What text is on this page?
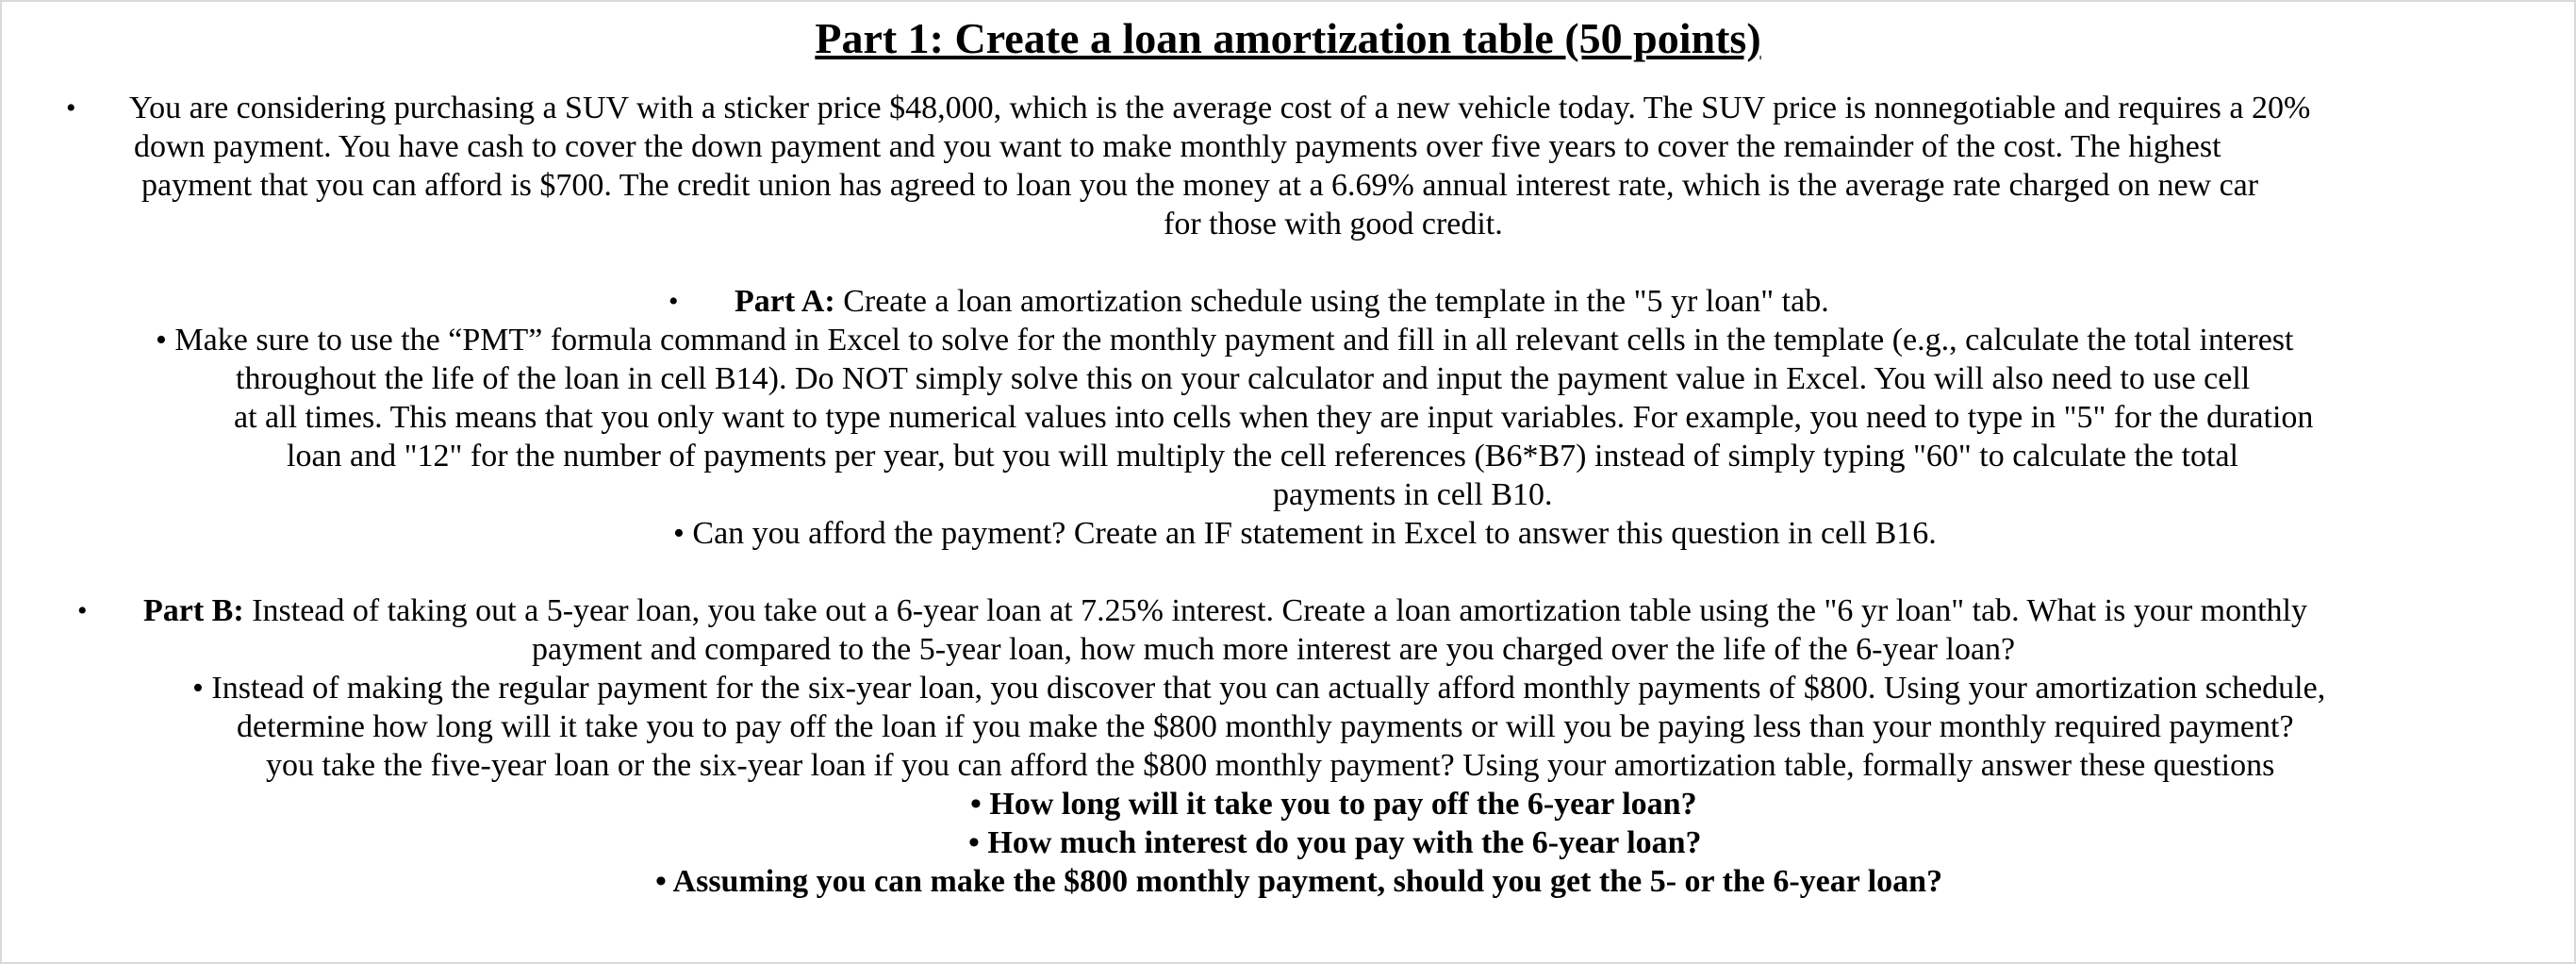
Part 1: Create a loan amortization table (50 points)
• You are considering purchasing a SUV with a sticker price $48,000, which is the average cost of a new vehicle today. The SUV price is nonnegotiable and requires a 20%
down payment. You have cash to cover the down payment and you want to make monthly payments over five years to cover the remainder of the cost. The highest
payment that you can afford is $700. The credit union has agreed to loan you the money at a 6.69% annual interest rate, which is the average rate charged on new car
for those with good credit.
• Part A: Create a loan amortization schedule using the template in the "5 yr loan" tab.
• Make sure to use the “PMT” formula command in Excel to solve for the monthly payment and fill in all relevant cells in the template (e.g., calculate the total interest
throughout the life of the loan in cell B14). Do NOT simply solve this on your calculator and input the payment value in Excel. You will also need to use cell
at all times. This means that you only want to type numerical values into cells when they are input variables. For example, you need to type in "5" for the duration
loan and "12" for the number of payments per year, but you will multiply the cell references (B6*B7) instead of simply typing "60" to calculate the total
payments in cell B10.
• Can you afford the payment? Create an IF statement in Excel to answer this question in cell B16.
• Part B: Instead of taking out a 5-year loan, you take out a 6-year loan at 7.25% interest. Create a loan amortization table using the "6 yr loan" tab. What is your monthly
payment and compared to the 5-year loan, how much more interest are you charged over the life of the 6-year loan?
• Instead of making the regular payment for the six-year loan, you discover that you can actually afford monthly payments of $800. Using your amortization schedule,
determine how long will it take you to pay off the loan if you make the $800 monthly payments or will you be paying less than your monthly required payment?
you take the five-year loan or the six-year loan if you can afford the $800 monthly payment? Using your amortization table, formally answer these questions
• How long will it take you to pay off the 6-year loan?
• How much interest do you pay with the 6-year loan?
• Assuming you can make the $800 monthly payment, should you get the 5- or the 6-year loan?
